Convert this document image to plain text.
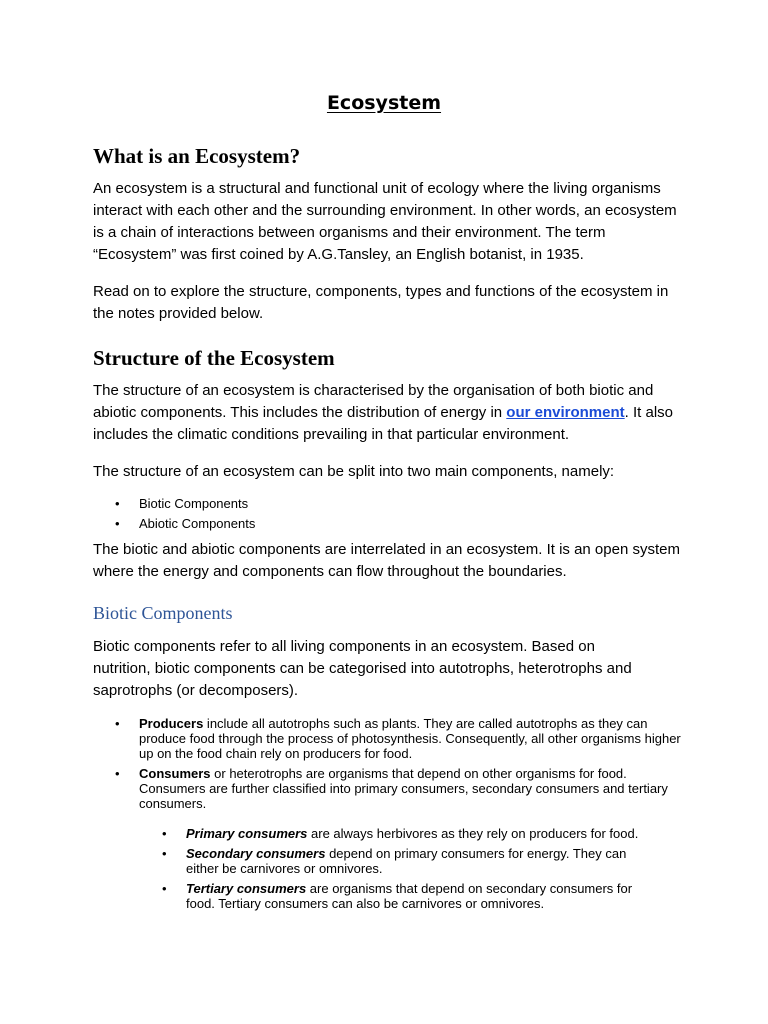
Ecosystem
What is an Ecosystem?

An ecosystem is a structural and functional unit of ecology where the living organisms interact with each other and the surrounding environment. In other words, an ecosystem is a chain of interactions between organisms and their environment. The term “Ecosystem” was first coined by A.G.Tansley, an English botanist, in 1935.

Read on to explore the structure, components, types and functions of the ecosystem in the notes provided below.

Structure of the Ecosystem

The structure of an ecosystem is characterised by the organisation of both biotic and abiotic components. This includes the distribution of energy in our environment. It also includes the climatic conditions prevailing in that particular environment.

The structure of an ecosystem can be split into two main components, namely:

• Biotic Components
• Abiotic Components

The biotic and abiotic components are interrelated in an ecosystem. It is an open system where the energy and components can flow throughout the boundaries.

Biotic Components

Biotic components refer to all living components in an ecosystem. Based on nutrition, biotic components can be categorised into autotrophs, heterotrophs and saprotrophs (or decomposers).

• Producers include all autotrophs such as plants. They are called autotrophs as they can produce food through the process of photosynthesis. Consequently, all other organisms higher up on the food chain rely on producers for food.
• Consumers or heterotrophs are organisms that depend on other organisms for food. Consumers are further classified into primary consumers, secondary consumers and tertiary consumers.
• Primary consumers are always herbivores as they rely on producers for food.
• Secondary consumers depend on primary consumers for energy. They can either be carnivores or omnivores.
• Tertiary consumers are organisms that depend on secondary consumers for food. Tertiary consumers can also be carnivores or omnivores.
